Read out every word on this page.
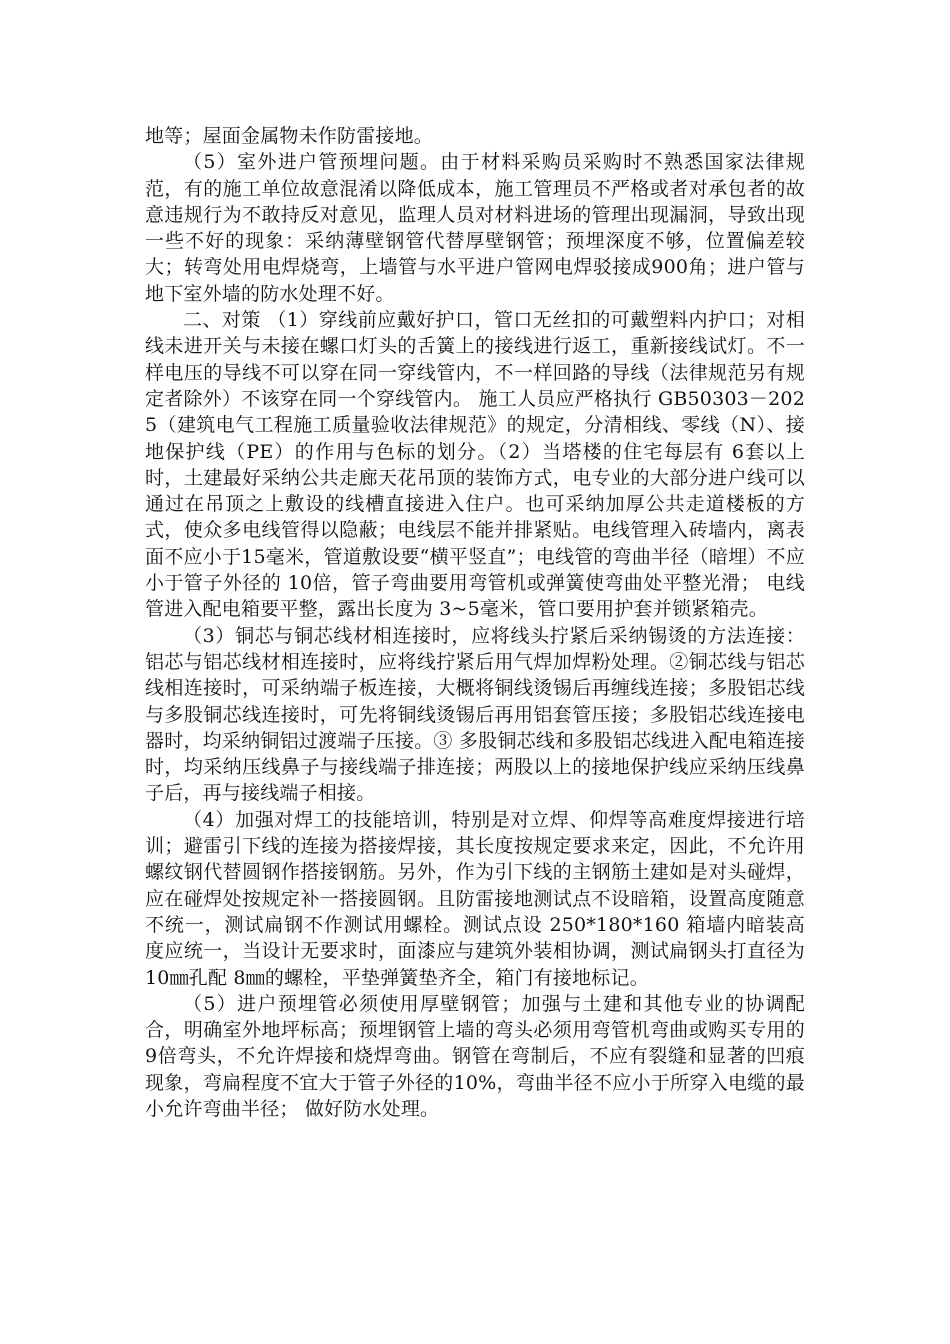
地等；屋面金属物未作防雷接地。

（5）室外进户管预埋问题。由于材料采购员采购时不熟悉国家法律规范，有的施工单位故意混淆以降低成本，施工管理员不严格或者对承包者的故意违规行为不敢持反对意见，监理人员对材料进场的管理出现漏洞，导致出现一些不好的现象：采纳薄壁钢管代替厚壁钢管；预埋深度不够，位置偏差较大；转弯处用电焊烧弯，上墙管与水平进户管网电焊驳接成900角；进户管与地下室外墙的防水处理不好。

二、对策 （1）穿线前应戴好护口，管口无丝扣的可戴塑料内护口；对相线未进开关与未接在螺口灯头的舌簧上的接线进行返工，重新接线试灯。不一样电压的导线不可以穿在同一穿线管内，不一样回路的导线（法律规范另有规定者除外）不该穿在同一个穿线管内。 施工人员应严格执行 GB50303－2025（建筑电气工程施工质量验收法律规范》的规定，分清相线、零线（N）、接地保护线（PE）的作用与色标的划分。（2）当塔楼的住宅每层有 6套以上时，土建最好采纳公共走廊天花吊顶的装饰方式，电专业的大部分进户线可以通过在吊顶之上敷设的线槽直接进入住户。也可采纳加厚公共走道楼板的方式，使众多电线管得以隐蔽；电线层不能并排紧贴。电线管理入砖墙内，离表面不应小于15毫米，管道敷设要“横平竖直”；电线管的弯曲半径（暗埋）不应小于管子外径的 10倍，管子弯曲要用弯管机或弹簧使弯曲处平整光滑； 电线管进入配电箱要平整，露出长度为 3~5毫米，管口要用护套并锁紧箱壳。

（3）铜芯与铜芯线材相连接时，应将线头拧紧后采纳锡烫的方法连接：铝芯与铝芯线材相连接时，应将线拧紧后用气焊加焊粉处理。②铜芯线与铝芯线相连接时，可采纳端子板连接，大概将铜线烫锡后再缠线连接；多股铝芯线与多股铜芯线连接时，可先将铜线烫锡后再用铝套管压接；多股铝芯线连接电器时，均采纳铜铝过渡端子压接。③ 多股铜芯线和多股铝芯线进入配电箱连接时，均采纳压线鼻子与接线端子排连接；两股以上的接地保护线应采纳压线鼻子后，再与接线端子相接。

（4）加强对焊工的技能培训，特别是对立焊、仰焊等高难度焊接进行培训；避雷引下线的连接为搭接焊接，其长度按规定要求来定，因此，不允许用螺纹钢代替圆钢作搭接钢筋。另外，作为引下线的主钢筋土建如是对头碰焊，应在碰焊处按规定补一搭接圆钢。且防雷接地测试点不设暗箱，设置高度随意不统一，测试扁钢不作测试用螺栓。测试点设 250*180*160 箱墙内暗装高度应统一，当设计无要求时，面漆应与建筑外装相协调，测试扁钢头打直径为 10㎜孔配 8㎜的螺栓，平垫弹簧垫齐全，箱门有接地标记。

（5）进户预埋管必须使用厚壁钢管；加强与土建和其他专业的协调配合，明确室外地坪标高；预埋钢管上墙的弯头必须用弯管机弯曲或购买专用的9倍弯头，不允许焊接和烧焊弯曲。钢管在弯制后，不应有裂缝和显著的凹痕现象，弯扁程度不宜大于管子外径的10%，弯曲半径不应小于所穿入电缆的最小允许弯曲半径； 做好防水处理。
